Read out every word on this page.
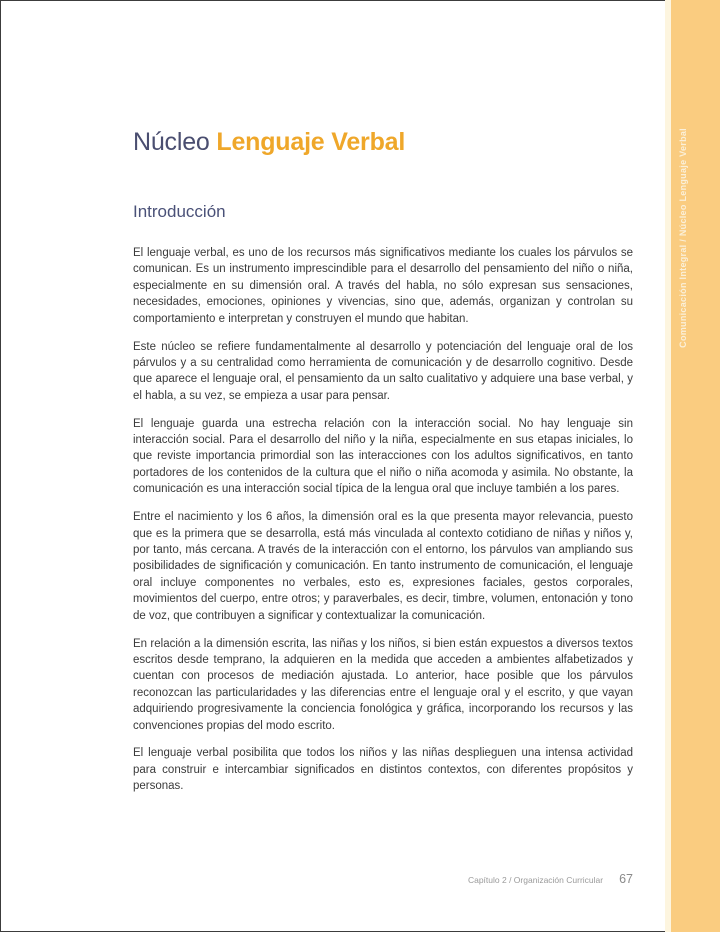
Comunicación Integral / Núcleo Lenguaje Verbal
Núcleo Lenguaje Verbal
Introducción

El lenguaje verbal, es uno de los recursos más significativos mediante los cuales los párvulos se comunican. Es un instrumento imprescindible para el desarrollo del pensamiento del niño o niña, especialmente en su dimensión oral. A través del habla, no sólo expresan sus sensaciones, necesidades, emociones, opiniones y vivencias, sino que, además, organizan y controlan su comportamiento e interpretan y construyen el mundo que habitan.

Este núcleo se refiere fundamentalmente al desarrollo y potenciación del lenguaje oral de los párvulos y a su centralidad como herramienta de comunicación y de desarrollo cognitivo. Desde que aparece el lenguaje oral, el pensamiento da un salto cualitativo y adquiere una base verbal, y el habla, a su vez, se empieza a usar para pensar.

El lenguaje guarda una estrecha relación con la interacción social. No hay lenguaje sin interacción social. Para el desarrollo del niño y la niña, especialmente en sus etapas iniciales, lo que reviste importancia primordial son las interacciones con los adultos significativos, en tanto portadores de los contenidos de la cultura que el niño o niña acomoda y asimila. No obstante, la comunicación es una interacción social típica de la lengua oral que incluye también a los pares.

Entre el nacimiento y los 6 años, la dimensión oral es la que presenta mayor relevancia, puesto que es la primera que se desarrolla, está más vinculada al contexto cotidiano de niñas y niños y, por tanto, más cercana. A través de la interacción con el entorno, los párvulos van ampliando sus posibilidades de significación y comunicación. En tanto instrumento de comunicación, el lenguaje oral incluye componentes no verbales, esto es, expresiones faciales, gestos corporales, movimientos del cuerpo, entre otros; y paraverbales, es decir, timbre, volumen, entonación y tono de voz, que contribuyen a significar y contextualizar la comunicación.

En relación a la dimensión escrita, las niñas y los niños, si bien están expuestos a diversos textos escritos desde temprano, la adquieren en la medida que acceden a ambientes alfabetizados y cuentan con procesos de mediación ajustada. Lo anterior, hace posible que los párvulos reconozcan las particularidades y las diferencias entre el lenguaje oral y el escrito, y que vayan adquiriendo progresivamente la conciencia fonológica y gráfica, incorporando los recursos y las convenciones propias del modo escrito.

El lenguaje verbal posibilita que todos los niños y las niñas desplieguen una intensa actividad para construir e intercambiar significados en distintos contextos, con diferentes propósitos y personas.

Capítulo 2 / Organización Curricular 67
